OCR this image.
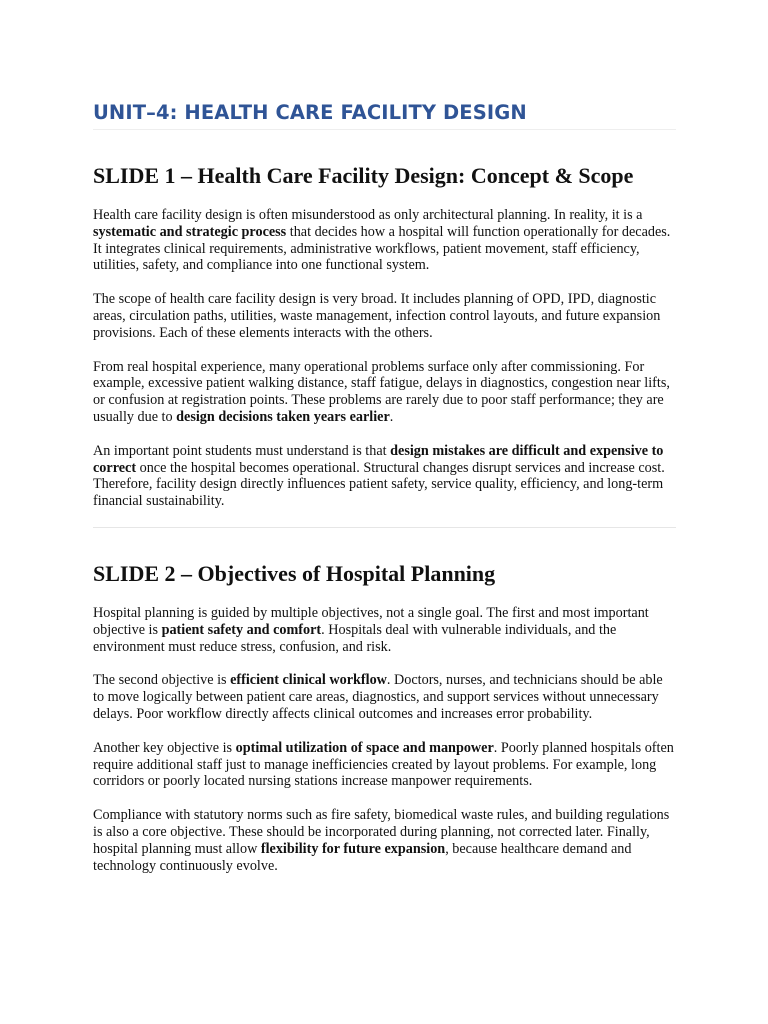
UNIT–4: HEALTH CARE FACILITY DESIGN
SLIDE 1 – Health Care Facility Design: Concept & Scope

Health care facility design is often misunderstood as only architectural planning. In reality, it is a systematic and strategic process that decides how a hospital will function operationally for decades. It integrates clinical requirements, administrative workflows, patient movement, staff efficiency, utilities, safety, and compliance into one functional system.

The scope of health care facility design is very broad. It includes planning of OPD, IPD, diagnostic areas, circulation paths, utilities, waste management, infection control layouts, and future expansion provisions. Each of these elements interacts with the others.

From real hospital experience, many operational problems surface only after commissioning. For example, excessive patient walking distance, staff fatigue, delays in diagnostics, congestion near lifts, or confusion at registration points. These problems are rarely due to poor staff performance; they are usually due to design decisions taken years earlier.

An important point students must understand is that design mistakes are difficult and expensive to correct once the hospital becomes operational. Structural changes disrupt services and increase cost. Therefore, facility design directly influences patient safety, service quality, efficiency, and long-term financial sustainability.

SLIDE 2 – Objectives of Hospital Planning

Hospital planning is guided by multiple objectives, not a single goal. The first and most important objective is patient safety and comfort. Hospitals deal with vulnerable individuals, and the environment must reduce stress, confusion, and risk.

The second objective is efficient clinical workflow. Doctors, nurses, and technicians should be able to move logically between patient care areas, diagnostics, and support services without unnecessary delays. Poor workflow directly affects clinical outcomes and increases error probability.

Another key objective is optimal utilization of space and manpower. Poorly planned hospitals often require additional staff just to manage inefficiencies created by layout problems. For example, long corridors or poorly located nursing stations increase manpower requirements.

Compliance with statutory norms such as fire safety, biomedical waste rules, and building regulations is also a core objective. These should be incorporated during planning, not corrected later. Finally, hospital planning must allow flexibility for future expansion, because healthcare demand and technology continuously evolve.
